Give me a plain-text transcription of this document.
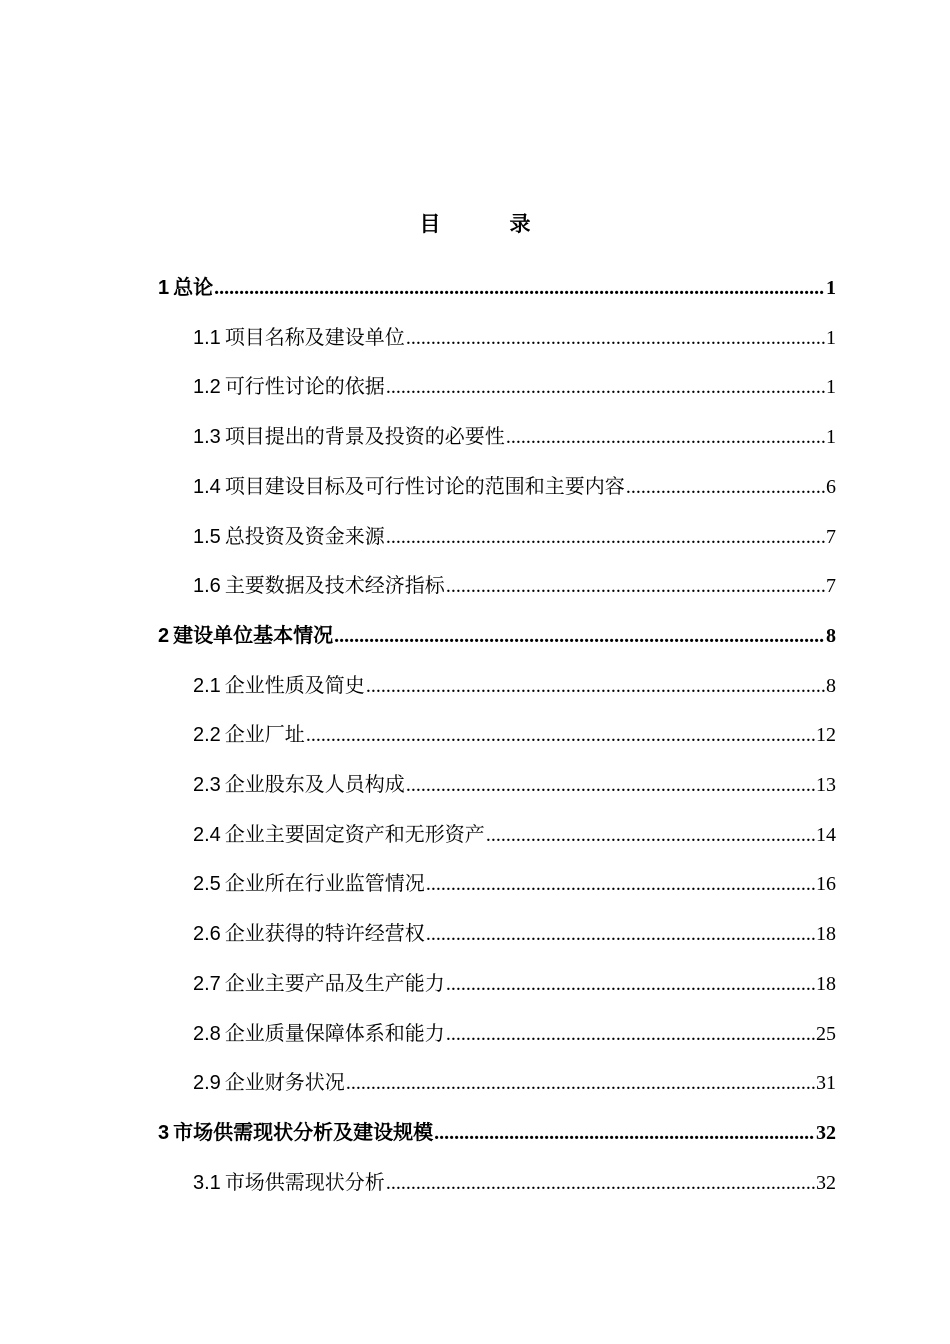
目　录
1 总论 .....	1
1.1 项目名称及建设单位 .....	1
1.2 可行性讨论的依据 .....	1
1.3 项目提出的背景及投资的必要性 .....	1
1.4 项目建设目标及可行性讨论的范围和主要内容 .....	6
1.5 总投资及资金来源 .....	7
1.6 主要数据及技术经济指标 .....	7
2 建设单位基本情况 .....	8
2.1 企业性质及简史 .....	8
2.2 企业厂址 .....	12
2.3 企业股东及人员构成 .....	13
2.4 企业主要固定资产和无形资产 .....	14
2.5 企业所在行业监管情况 .....	16
2.6 企业获得的特许经营权 .....	18
2.7 企业主要产品及生产能力 .....	18
2.8 企业质量保障体系和能力 .....	25
2.9 企业财务状况 .....	31
3 市场供需现状分析及建设规模 .....	32
3.1 市场供需现状分析 .....	32
